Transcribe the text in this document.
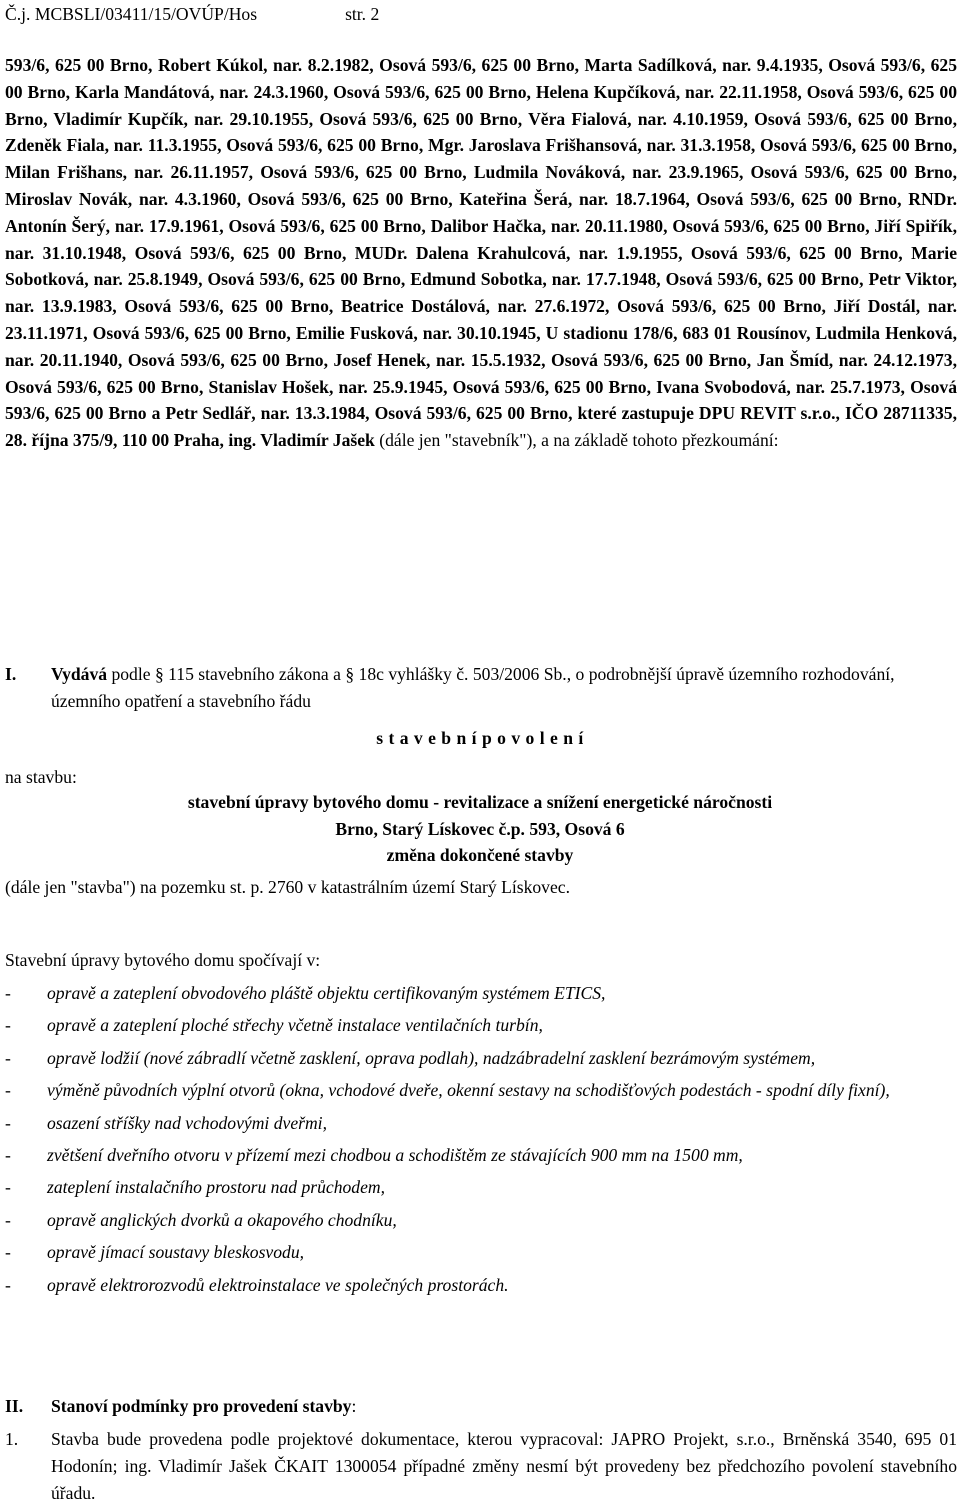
Č.j. MCBSLI/03411/15/OVÚP/Hos	str. 2
593/6, 625 00 Brno, Robert Kúkol, nar. 8.2.1982, Osová 593/6, 625 00 Brno, Marta Sadílková, nar. 9.4.1935, Osová 593/6, 625 00 Brno, Karla Mandátová, nar. 24.3.1960, Osová 593/6, 625 00 Brno, Helena Kupčíková, nar. 22.11.1958, Osová 593/6, 625 00 Brno, Vladimír Kupčík, nar. 29.10.1955, Osová 593/6, 625 00 Brno, Věra Fialová, nar. 4.10.1959, Osová 593/6, 625 00 Brno, Zdeněk Fiala, nar. 11.3.1955, Osová 593/6, 625 00 Brno, Mgr. Jaroslava Frišhansová, nar. 31.3.1958, Osová 593/6, 625 00 Brno, Milan Frišhans, nar. 26.11.1957, Osová 593/6, 625 00 Brno, Ludmila Nováková, nar. 23.9.1965, Osová 593/6, 625 00 Brno, Miroslav Novák, nar. 4.3.1960, Osová 593/6, 625 00 Brno, Kateřina Šerá, nar. 18.7.1964, Osová 593/6, 625 00 Brno, RNDr. Antonín Šerý, nar. 17.9.1961, Osová 593/6, 625 00 Brno, Dalibor Hačka, nar. 20.11.1980, Osová 593/6, 625 00 Brno, Jiří Spiřík, nar. 31.10.1948, Osová 593/6, 625 00 Brno, MUDr. Dalena Krahulcová, nar. 1.9.1955, Osová 593/6, 625 00 Brno, Marie Sobotková, nar. 25.8.1949, Osová 593/6, 625 00 Brno, Edmund Sobotka, nar. 17.7.1948, Osová 593/6, 625 00 Brno, Petr Viktor, nar. 13.9.1983, Osová 593/6, 625 00 Brno, Beatrice Dostálová, nar. 27.6.1972, Osová 593/6, 625 00 Brno, Jiří Dostál, nar. 23.11.1971, Osová 593/6, 625 00 Brno, Emilie Fusková, nar. 30.10.1945, U stadionu 178/6, 683 01 Rousínov, Ludmila Henková, nar. 20.11.1940, Osová 593/6, 625 00 Brno, Josef Henek, nar. 15.5.1932, Osová 593/6, 625 00 Brno, Jan Šmíd, nar. 24.12.1973, Osová 593/6, 625 00 Brno, Stanislav Hošek, nar. 25.9.1945, Osová 593/6, 625 00 Brno, Ivana Svobodová, nar. 25.7.1973, Osová 593/6, 625 00 Brno a Petr Sedlář, nar. 13.3.1984, Osová 593/6, 625 00 Brno, které zastupuje DPU REVIT s.r.o., IČO 28711335, 28. října 375/9, 110 00 Praha, ing. Vladimír Jašek (dále jen "stavebník"), a na základě tohoto přezkoumání:
I. Vydává podle § 115 stavebního zákona a § 18c vyhlášky č. 503/2006 Sb., o podrobnější úpravě územního rozhodování, územního opatření a stavebního řádu
s t a v e b n í p o v o l e n í
na stavbu:
stavební úpravy bytového domu - revitalizace a snížení energetické náročnosti
Brno, Starý Lískovec č.p. 593, Osová 6
změna dokončené stavby
(dále jen "stavba") na pozemku st. p. 2760 v katastrálním území Starý Lískovec.
Stavební úpravy bytového domu spočívají v:
- opravě a zateplení obvodového pláště objektu certifikovaným systémem ETICS,
- opravě a zateplení ploché střechy včetně instalace ventilačních turbín,
- opravě lodžií (nové zábradlí včetně zasklení, oprava podlah), nadzábradelní zasklení bezrámovým systémem,
- výměně původních výplní otvorů (okna, vchodové dveře, okenní sestavy na schodišťových podestách - spodní díly fixní),
- osazení stříšky nad vchodovými dveřmi,
- zvětšení dveřního otvoru v přízemí mezi chodbou a schodištěm ze stávajících 900 mm na 1500 mm,
- zateplení instalačního prostoru nad průchodem,
- opravě anglických dvorků a okapového chodníku,
- opravě jímací soustavy bleskosvodu,
- opravě elektrorozvodů elektroinstalace ve společných prostorách.
II. Stanoví podmínky pro provedení stavby:
1. Stavba bude provedena podle projektové dokumentace, kterou vypracoval: JAPRO Projekt, s.r.o., Brněnská 3540, 695 01 Hodonín; ing. Vladimír Jašek ČKAIT 1300054 případné změny nesmí být provedeny bez předchozího povolení stavebního úřadu.
